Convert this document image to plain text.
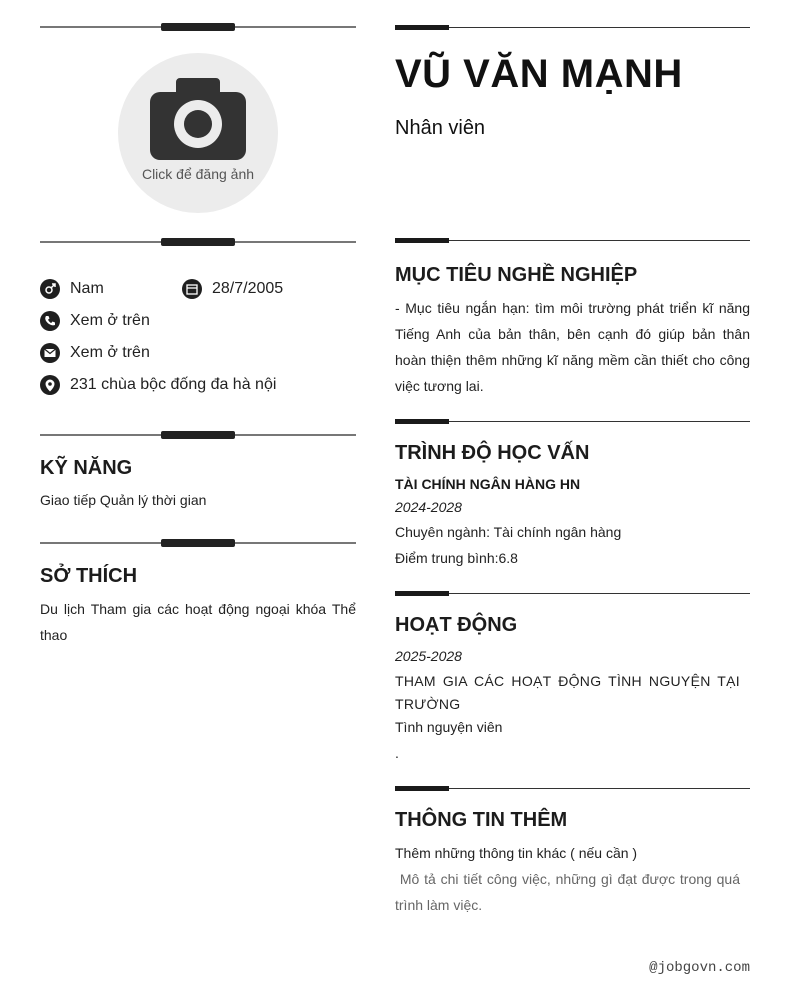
Click để đăng ảnh
Nam	28/7/2005
Xem ở trên
Xem ở trên
231 chùa bộc đống đa hà nội
KỸ NĂNG
Giao tiếp Quản lý thời gian
SỞ THÍCH
Du lịch Tham gia các hoạt động ngoại khóa Thể thao
VŨ VĂN MẠNH
Nhân viên
MỤC TIÊU NGHỀ NGHIỆP
- Mục tiêu ngắn hạn: tìm môi trường phát triển kĩ năng Tiếng Anh của bản thân, bên cạnh đó giúp bản thân hoàn thiện thêm những kĩ năng mềm cần thiết cho công việc tương lai.
TRÌNH ĐỘ HỌC VẤN
TÀI CHÍNH NGÂN HÀNG HN
2024-2028
Chuyên ngành: Tài chính ngân hàng
Điểm trung bình:6.8
HOẠT ĐỘNG
2025-2028
THAM GIA CÁC HOẠT ĐỘNG TÌNH NGUYỆN TẠI TRƯỜNG
Tình nguyện viên
.
THÔNG TIN THÊM
Thêm những thông tin khác ( nếu cần )
Mô tả chi tiết công việc, những gì đạt được trong quá trình làm việc.
@jobgovn.com
